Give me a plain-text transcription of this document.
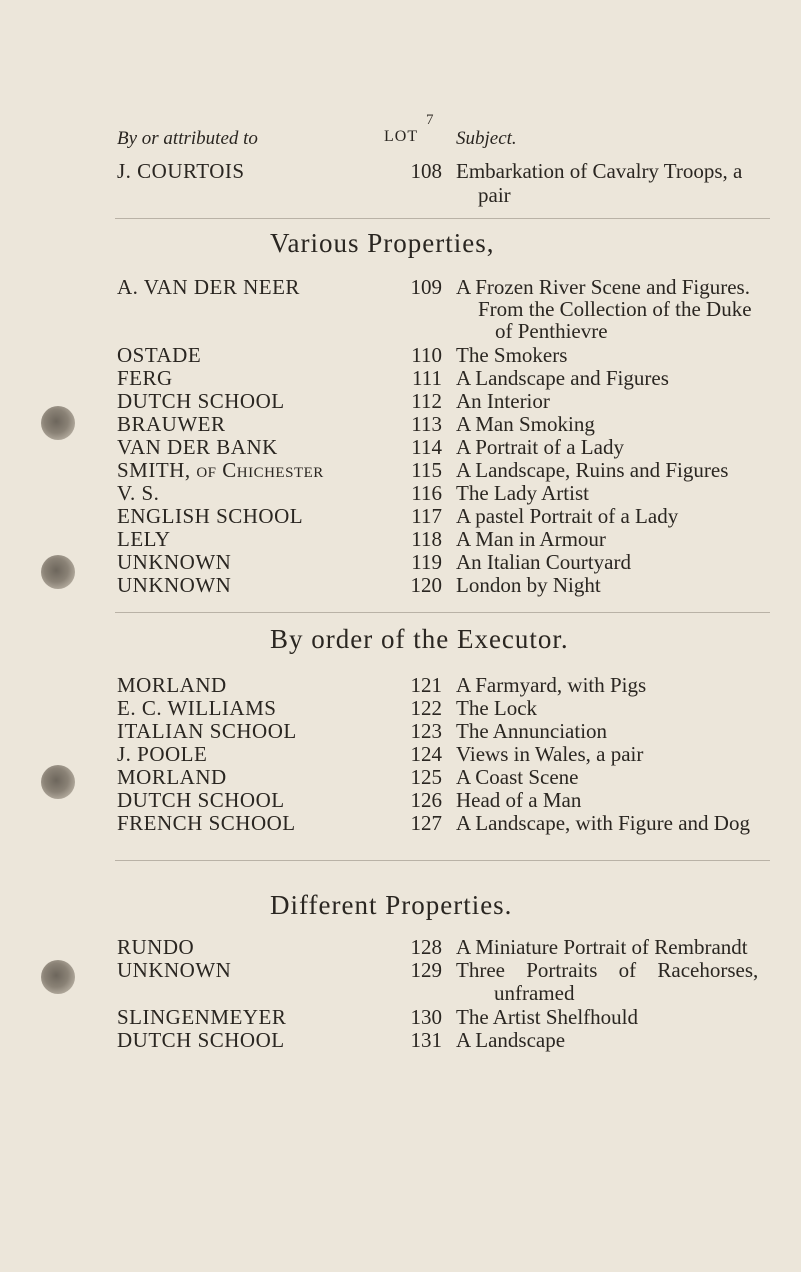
7
By or attributed to	LOT Subject.
J. COURTOIS	108 Embarkation of Cavalry Troops, a
pair
Various Properties,
A. VAN DER NEER	109 A Frozen River Scene and Figures.
From the Collection of the Duke
of Penthievre
OSTADE	110 The Smokers
FERG	111 A Landscape and Figures
DUTCH SCHOOL	112 An Interior
BRAUWER	113 A Man Smoking
VAN DER BANK	114 A Portrait of a Lady
SMITH, of Chichester	115 A Landscape, Ruins and Figures
V. S.	116 The Lady Artist
ENGLISH SCHOOL	117 A pastel Portrait of a Lady
LELY	118 A Man in Armour
UNKNOWN	119 An Italian Courtyard
UNKNOWN	120 London by Night
By order of the Executor.
MORLAND	121 A Farmyard, with Pigs
E. C. WILLIAMS	122 The Lock
ITALIAN SCHOOL	123 The Annunciation
J. POOLE	124 Views in Wales, a pair
MORLAND	125 A Coast Scene
DUTCH SCHOOL	126 Head of a Man
FRENCH SCHOOL	127 A Landscape, with Figure and Dog
Different Properties.
RUNDO	128 A Miniature Portrait of Rembrandt
UNKNOWN	129 Three Portraits of Racehorses,
unframed
SLINGENMEYER	130 The Artist Shelfhould
DUTCH SCHOOL	131 A Landscape
